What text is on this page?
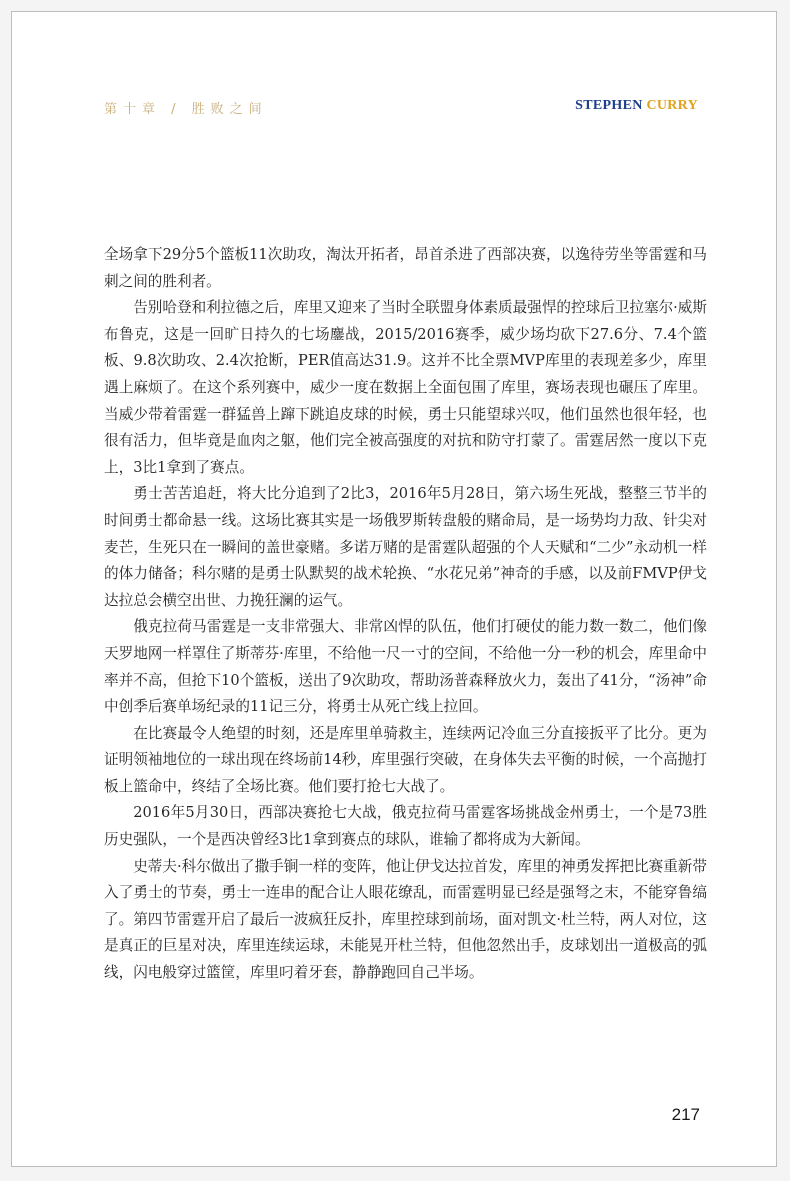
第十章 / 胜败之间	STEPHEN CURRY

全场拿下29分5个篮板11次助攻，淘汰开拓者，昂首杀进了西部决赛，以逸待劳坐等雷霆和马刺之间的胜利者。

告别哈登和利拉德之后，库里又迎来了当时全联盟身体素质最强悍的控球后卫拉塞尔·威斯布鲁克，这是一回旷日持久的七场鏖战，2015/2016赛季，威少场均砍下27.6分、7.4个篮板、9.8次助攻、2.4次抢断，PER值高达31.9。这并不比全票MVP库里的表现差多少，库里遇上麻烦了。在这个系列赛中，威少一度在数据上全面包围了库里，赛场表现也碾压了库里。当威少带着雷霆一群猛兽上蹿下跳追皮球的时候，勇士只能望球兴叹，他们虽然也很年轻，也很有活力，但毕竟是血肉之躯，他们完全被高强度的对抗和防守打蒙了。雷霆居然一度以下克上，3比1拿到了赛点。

勇士苦苦追赶，将大比分追到了2比3，2016年5月28日，第六场生死战，整整三节半的时间勇士都命悬一线。这场比赛其实是一场俄罗斯转盘般的赌命局，是一场势均力敌、针尖对麦芒，生死只在一瞬间的盖世豪赌。多诺万赌的是雷霆队超强的个人天赋和“二少”永动机一样的体力储备；科尔赌的是勇士队默契的战术轮换、“水花兄弟”神奇的手感，以及前FMVP伊戈达拉总会横空出世、力挽狂澜的运气。

俄克拉荷马雷霆是一支非常强大、非常凶悍的队伍，他们打硬仗的能力数一数二，他们像天罗地网一样罩住了斯蒂芬·库里，不给他一尺一寸的空间，不给他一分一秒的机会，库里命中率并不高，但抢下10个篮板，送出了9次助攻，帮助汤普森释放火力，轰出了41分，“汤神”命中创季后赛单场纪录的11记三分，将勇士从死亡线上拉回。

在比赛最令人绝望的时刻，还是库里单骑救主，连续两记冷血三分直接扳平了比分。更为证明领袖地位的一球出现在终场前14秒，库里强行突破，在身体失去平衡的时候，一个高抛打板上篮命中，终结了全场比赛。他们要打抢七大战了。

2016年5月30日，西部决赛抢七大战，俄克拉荷马雷霆客场挑战金州勇士，一个是73胜历史强队，一个是西决曾经3比1拿到赛点的球队，谁输了都将成为大新闻。

史蒂夫·科尔做出了撒手锏一样的变阵，他让伊戈达拉首发，库里的神勇发挥把比赛重新带入了勇士的节奏，勇士一连串的配合让人眼花缭乱，而雷霆明显已经是强弩之末，不能穿鲁缟了。第四节雷霆开启了最后一波疯狂反扑，库里控球到前场，面对凯文·杜兰特，两人对位，这是真正的巨星对决，库里连续运球，未能晃开杜兰特，但他忽然出手，皮球划出一道极高的弧线，闪电般穿过篮筐，库里叼着牙套，静静跑回自己半场。

217
